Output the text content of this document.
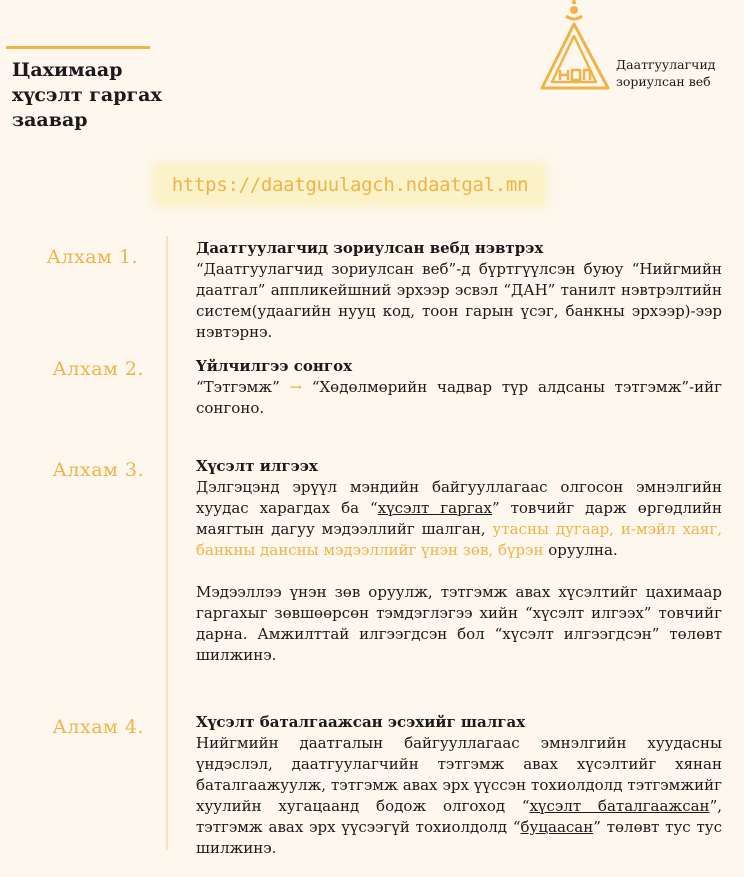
Цахимаар хүсэлт гаргах заавар
Даатгуулагчид
зориулсан веб
https://daatguulagch.ndaatgal.mn
Алхам 1.	Даатгуулагчид зориулсан вебд нэвтрэх
“Даатгуулагчид зориулсан веб”-д бүртгүүлсэн буюу “Нийгмийн даатгал” аппликейшний эрхээр эсвэл “ДАН” танилт нэвтрэлтийн систем(удаагийн нууц код, тоон гарын үсэг, банкны эрхээр)-ээр нэвтэрнэ.
Алхам 2.	Үйлчилгээ сонгох
“Тэтгэмж” → “Хөдөлмөрийн чадвар түр алдсаны тэтгэмж”-ийг сонгоно.
Алхам 3.	Хүсэлт илгээх
Дэлгэцэнд эрүүл мэндийн байгууллагаас олгосон эмнэлгийн хуудас харагдах ба “хүсэлт гаргах” товчийг дарж өргөдлийн маягтын дагуу мэдээллийг шалган, утасны дугаар, и-мэйл хаяг, банкны дансны мэдээллийг үнэн зөв, бүрэн оруулна.
Мэдээллээ үнэн зөв оруулж, тэтгэмж авах хүсэлтийг цахимаар гаргахыг зөвшөөрсөн тэмдэглэгээ хийн “хүсэлт илгээх” товчийг дарна. Амжилттай илгээгдсэн бол “хүсэлт илгээгдсэн” төлөвт шилжинэ.
Алхам 4.	Хүсэлт баталгаажсан эсэхийг шалгах
Нийгмийн даатгалын байгууллагаас эмнэлгийн хуудасны үндэслэл, даатгуулагчийн тэтгэмж авах хүсэлтийг хянан баталгаажуулж, тэтгэмж авах эрх үүссэн тохиолдолд тэтгэмжийг хуулийн хугацаанд бодож олгоход “хүсэлт баталгаажсан”, тэтгэмж авах эрх үүсээгүй тохиолдолд “буцаасан” төлөвт тус тус шилжинэ.
